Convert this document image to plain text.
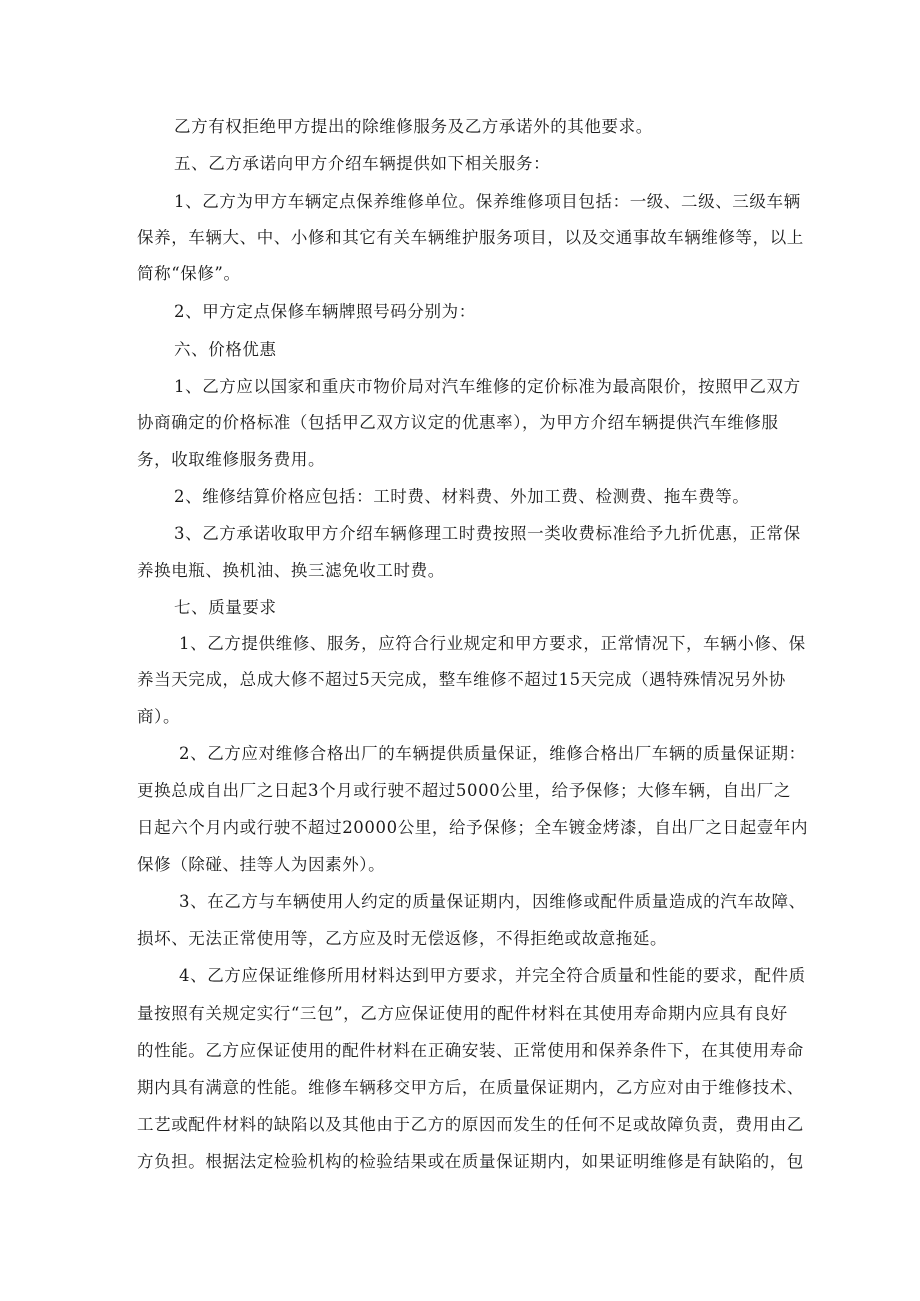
乙方有权拒绝甲方提出的除维修服务及乙方承诺外的其他要求。
五、乙方承诺向甲方介绍车辆提供如下相关服务：
1、乙方为甲方车辆定点保养维修单位。保养维修项目包括：一级、二级、三级车辆
保养，车辆大、中、小修和其它有关车辆维护服务项目，以及交通事故车辆维修等，以上
简称“保修”。
2、甲方定点保修车辆牌照号码分别为：
六、价格优惠
1、乙方应以国家和重庆市物价局对汽车维修的定价标准为最高限价，按照甲乙双方
协商确定的价格标准（包括甲乙双方议定的优惠率），为甲方介绍车辆提供汽车维修服
务，收取维修服务费用。
2、维修结算价格应包括：工时费、材料费、外加工费、检测费、拖车费等。
3、乙方承诺收取甲方介绍车辆修理工时费按照一类收费标准给予九折优惠，正常保
养换电瓶、换机油、换三滤免收工时费。
七、质量要求
1、乙方提供维修、服务，应符合行业规定和甲方要求，正常情况下，车辆小修、保
养当天完成，总成大修不超过5天完成，整车维修不超过15天完成（遇特殊情况另外协
商）。
2、乙方应对维修合格出厂的车辆提供质量保证，维修合格出厂车辆的质量保证期：
更换总成自出厂之日起3个月或行驶不超过5000公里，给予保修；大修车辆，自出厂之
日起六个月内或行驶不超过20000公里，给予保修；全车镀金烤漆，自出厂之日起壹年内
保修（除碰、挂等人为因素外）。
3、在乙方与车辆使用人约定的质量保证期内，因维修或配件质量造成的汽车故障、
损坏、无法正常使用等，乙方应及时无偿返修，不得拒绝或故意拖延。
4、乙方应保证维修所用材料达到甲方要求，并完全符合质量和性能的要求，配件质
量按照有关规定实行“三包”，乙方应保证使用的配件材料在其使用寿命期内应具有良好
的性能。乙方应保证使用的配件材料在正确安装、正常使用和保养条件下，在其使用寿命
期内具有满意的性能。维修车辆移交甲方后，在质量保证期内，乙方应对由于维修技术、
工艺或配件材料的缺陷以及其他由于乙方的原因而发生的任何不足或故障负责，费用由乙
方负担。根据法定检验机构的检验结果或在质量保证期内，如果证明维修是有缺陷的，包
